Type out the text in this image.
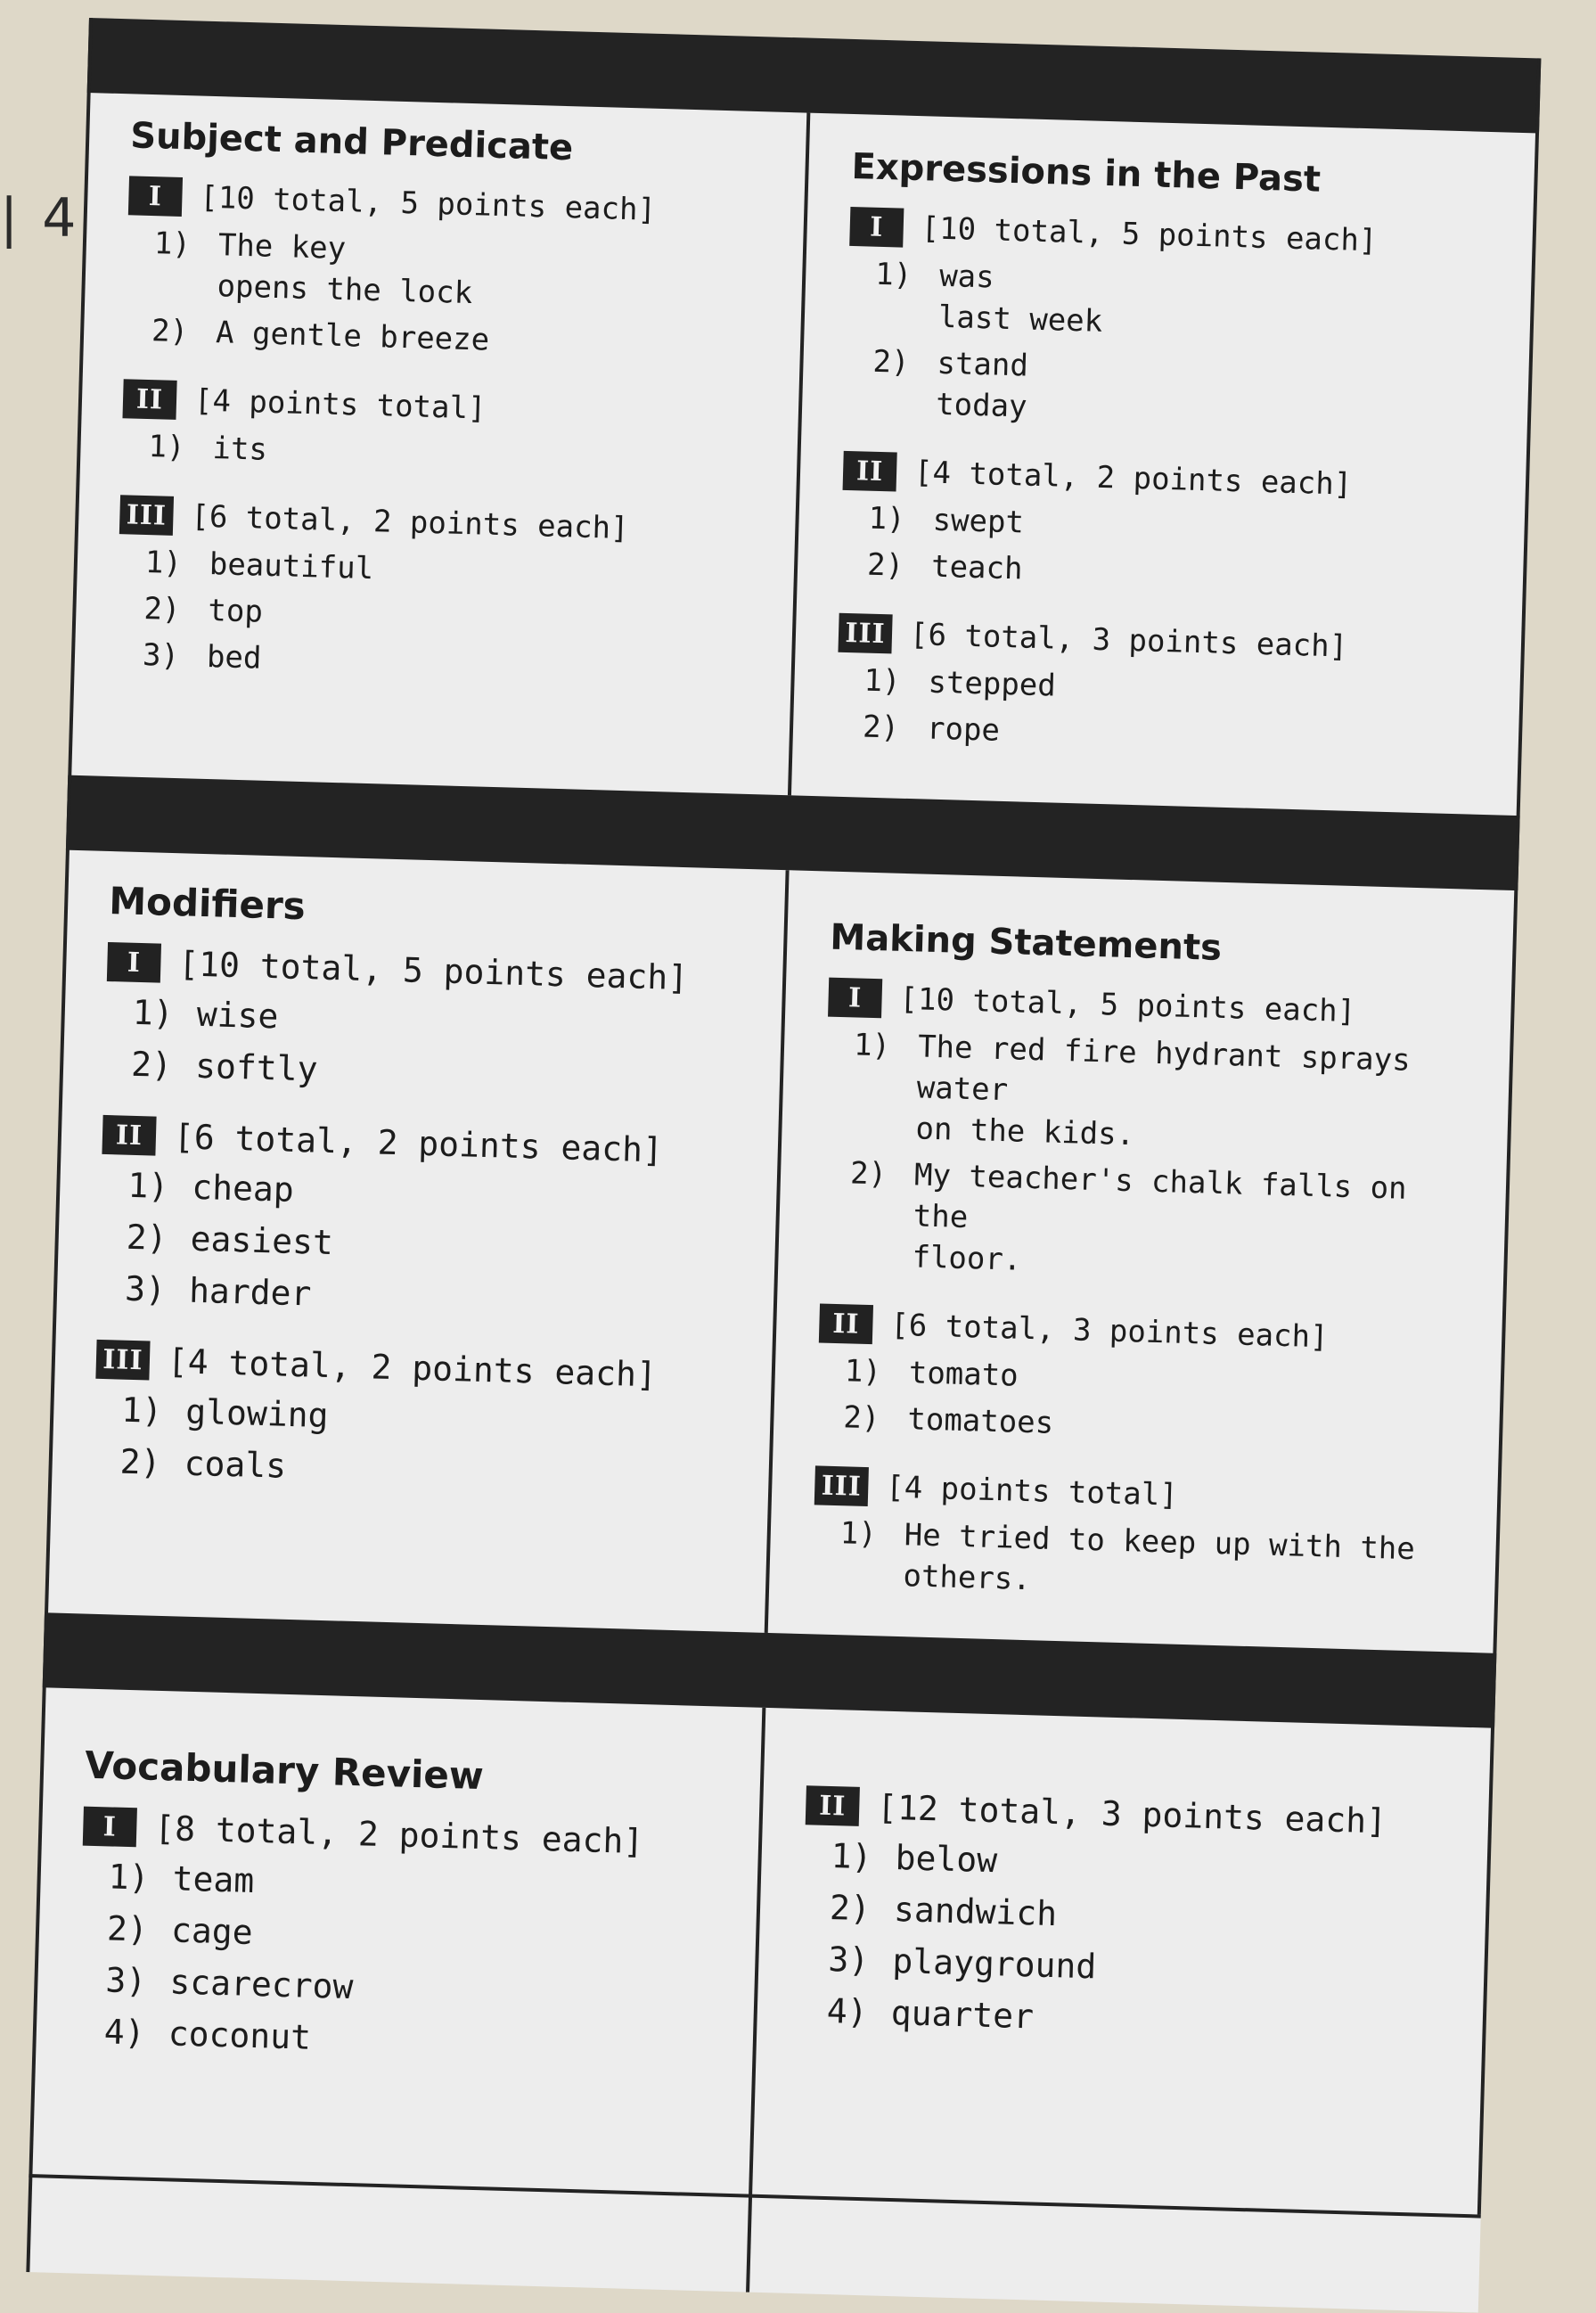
| 4
Subject and Predicate
I	[10 total, 5 points each]
1) The key
opens the lock
2) A gentle breeze
II [4 points total]
1) its
III [6 total, 2 points each]
1) beautiful
2) top
3) bed
Expressions in the Past
I	[10 total, 5 points each]
1) was
last week
2) stand
today
II [4 total, 2 points each]
1) swept
2) teach
III [6 total, 3 points each]
1) stepped
2) rope
Modifiers
I	[10 total, 5 points each]
1) wise
2) softly
II [6 total, 2 points each]
1) cheap
2) easiest
3) harder
III [4 total, 2 points each]
1) glowing
2) coals
Making Statements
I	[10 total, 5 points each]
1) The red fire hydrant sprays water
on the kids.
2) My teacher's chalk falls on the
floor.
II [6 total, 3 points each]
1) tomato
2) tomatoes
III [4 points total]
1) He tried to keep up with the
others.
Vocabulary Review
I	[8 total, 2 points each]
1) team
2) cage
3) scarecrow
4) coconut
II [12 total, 3 points each]
1) below
2) sandwich
3) playground
4) quarter
